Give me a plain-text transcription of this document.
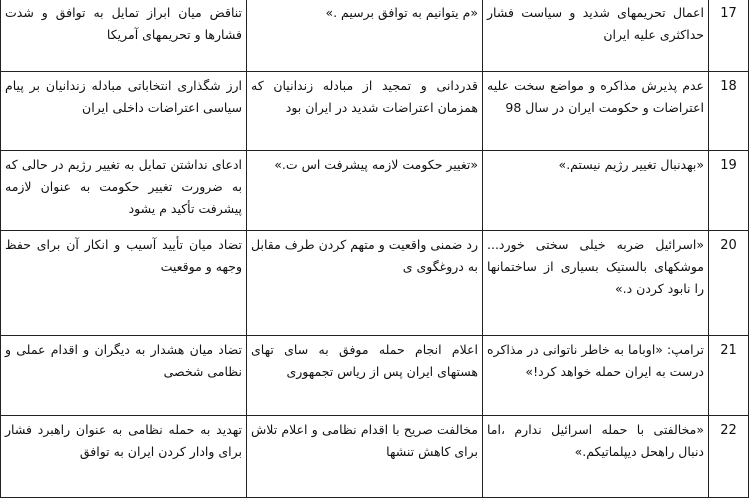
17	اعمال تحریمهای شدید و سیاست فشار حداکثری علیه ایران	«م یتوانیم به توافق برسیم .»	تناقض میان ابراز تمایل به توافق و شدت فشارها و تحریمهای آمریکا
18	عدم پذیرش مذاکره و مواضع سخت علیه اعتراضات و حکومت ایران در سال 98	قدردانی و تمجید از مبادله زندانیان که همزمان اعتراضات شدید در ایران بود	ارز شگذاری انتخاباتی مبادله زندانیان بر پیام سیاسی اعتراضات داخلی ایران
19	«بهدنبال تغییر رژیم نیستم.»	«تغییر حکومت لازمه پیشرفت اس ت.»	ادعای نداشتن تمایل به تغییر رژیم در حالی که به ضرورت تغییر حکومت به عنوان لازمه پیشرفت تأکید م یشود
20	«اسرائیل ضربه خیلی سختی خورد... موشکهای بالستیک بسیاری از ساختمانها را نابود کردن د.»	رد ضمنی واقعیت و متهم کردن طرف مقابل به دروغگوی ی	تضاد میان تأیید آسیب و انکار آن برای حفظ وجهه و موقعیت
21	ترامپ: «اوباما به خاطر ناتوانی در مذاکره درست به ایران حمله خواهد کرد!»	اعلام انجام حمله موفق به سای تهای هستهای ایران پس از ریاس تجمهوری	تضاد میان هشدار به دیگران و اقدام عملی و نظامی شخصی
22	«مخالفتی با حمله اسرائیل ندارم ،اما دنبال راهحل دیپلماتیکم.»	مخالفت صریح با اقدام نظامی و اعلام تلاش برای کاهش تنشها	تهدید به حمله نظامی به عنوان راهبرد فشار برای وادار کردن ایران به توافق
